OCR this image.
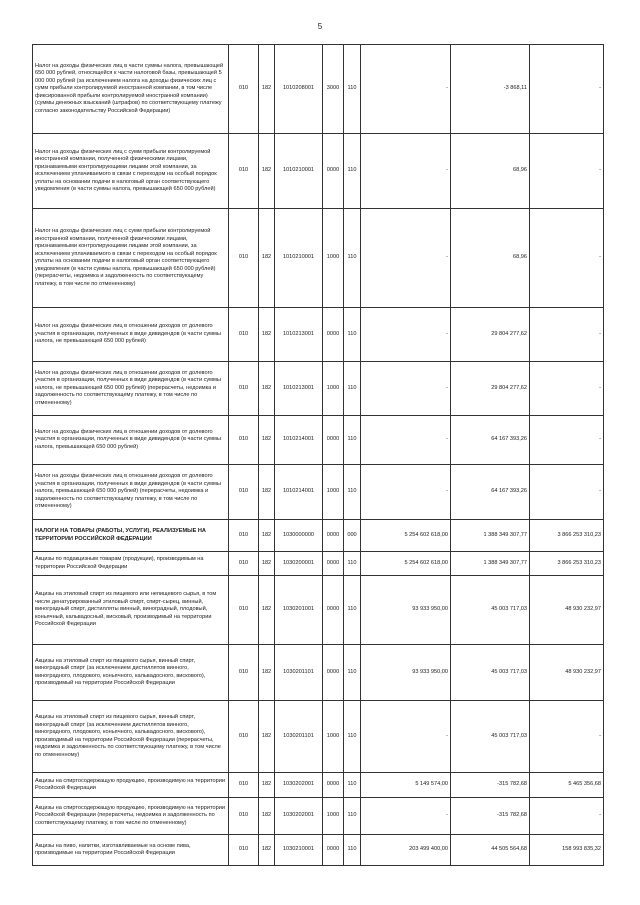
5
Налог на доходы физических лиц в части суммы налога, превышающей 650 000 рублей, относящейся к части налоговой базы, превышающей 5 000 000 рублей (за исключением налога на доходы физических лиц с сумм прибыли контролируемой иностранной компании, в том числе фиксированной прибыли контролируемой иностранной компании) (суммы денежных взысканий (штрафов) по соответствующему платежу согласно законодательству Российской Федерации)	010	182	1010208001	3000	110	-	-3 868,11	-
Налог на доходы физических лиц с сумм прибыли контролируемой иностранной компании, полученной физическими лицами, признаваемыми контролирующими лицами этой компании, за исключением уплачиваемого в связи с переходом на особый порядок уплаты на основании подачи в налоговый орган соответствующего уведомления (в части суммы налога, превышающей 650 000 рублей)	010	182	1010210001	0000	110	-	68,96	-
Налог на доходы физических лиц с сумм прибыли контролируемой иностранной компании, полученной физическими лицами, признаваемыми контролирующими лицами этой компании, за исключением уплачиваемого в связи с переходом на особый порядок уплаты на основании подачи в налоговый орган соответствующего уведомления (в части суммы налога, превышающей 650 000 рублей) (перерасчеты, недоимка и задолженность по соответствующему платежу, в том числе по отмененному)	010	182	1010210001	1000	110	-	68,96	-
Налог на доходы физических лиц в отношении доходов от долевого участия в организации, полученных в виде дивидендов (в части суммы налога, не превышающей 650 000 рублей)	010	182	1010213001	0000	110	-	29 804 277,62	-
Налог на доходы физических лиц в отношении доходов от долевого участия в организации, полученных в виде дивидендов (в части суммы налога, не превышающей 650 000 рублей) (перерасчеты, недоимка и задолженность по соответствующему платежу, в том числе по отмененному)	010	182	1010213001	1000	110	-	29 804 277,62	-
Налог на доходы физических лиц в отношении доходов от долевого участия в организации, полученных в виде дивидендов (в части суммы налога, превышающей 650 000 рублей)	010	182	1010214001	0000	110	-	64 167 393,26	-
Налог на доходы физических лиц в отношении доходов от долевого участия в организации, полученных в виде дивидендов (в части суммы налога, превышающей 650 000 рублей) (перерасчеты, недоимка и задолженность по соответствующему платежу, в том числе по отмененному)	010	182	1010214001	1000	110	-	64 167 393,26	-
НАЛОГИ НА ТОВАРЫ (РАБОТЫ, УСЛУГИ), РЕАЛИЗУЕМЫЕ НА ТЕРРИТОРИИ РОССИЙСКОЙ ФЕДЕРАЦИИ	010	182	1030000000	0000	000	5 254 602 618,00	1 388 349 307,77	3 866 253 310,23
Акцизы по подакцизным товарам (продукции), производимым на территории Российской Федерации	010	182	1030200001	0000	110	5 254 602 618,00	1 388 349 307,77	3 866 253 310,23
Акцизы на этиловый спирт из пищевого или непищевого сырья, в том числе денатурированный этиловый спирт, спирт-сырец, винный, виноградный спирт, дистилляты винный, виноградный, плодовый, коньячный, кальвадосный, висковый, производимый на территории Российской Федерации	010	182	1030201001	0000	110	93 933 950,00	45 003 717,03	48 930 232,97
Акцизы на этиловый спирт из пищевого сырья, винный спирт, виноградный спирт (за исключением дистиллятов винного, виноградного, плодового, коньячного, кальвадосного, вискового), производимый на территории Российской Федерации	010	182	1030201101	0000	110	93 933 950,00	45 003 717,03	48 930 232,97
Акцизы на этиловый спирт из пищевого сырья, винный спирт, виноградный спирт (за исключением дистиллятов винного, виноградного, плодового, коньячного, кальвадосного, вискового), производимый на территории Российской Федерации (перерасчеты, недоимка и задолженность по соответствующему платежу, в том числе по отмененному)	010	182	1030201101	1000	110	-	45 003 717,03	-
Акцизы на спиртосодержащую продукцию, производимую на территории Российской Федерации	010	182	1030202001	0000	110	5 149 574,00	-315 782,68	5 465 356,68
Акцизы на спиртосодержащую продукцию, производимую на территории Российской Федерации (перерасчеты, недоимка и задолженность по соответствующему платежу, в том числе по отмененному)	010	182	1030202001	1000	110	-	-315 782,68	-
Акцизы на пиво, напитки, изготавливаемые на основе пива, производимые на территории Российской Федерации	010	182	1030210001	0000	110	203 499 400,00	44 505 564,68	158 993 835,32
